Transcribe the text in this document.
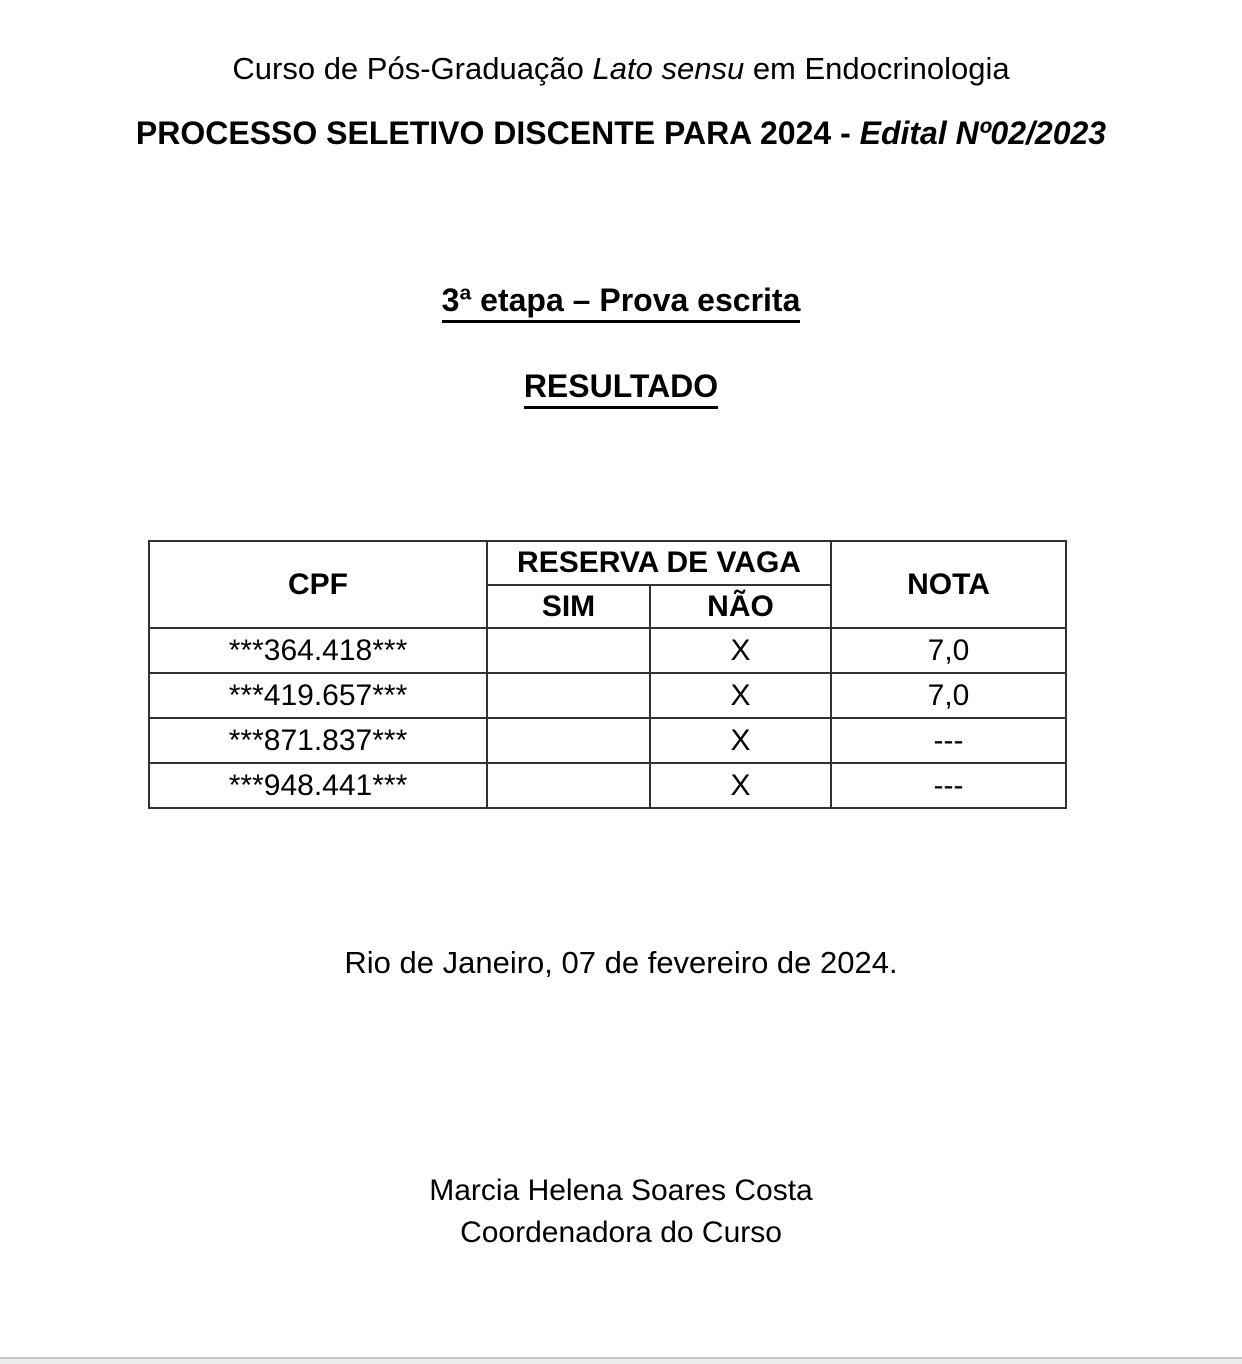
Curso de Pós-Graduação Lato sensu em Endocrinologia
PROCESSO SELETIVO DISCENTE PARA 2024 - Edital Nº02/2023
3ª etapa – Prova escrita
RESULTADO
CPF	RESERVA DE VAGA		NOTA
	SIM	NÃO	
***364.418***		X	7,0
***419.657***		X	7,0
***871.837***		X	---
***948.441***		X	---
Rio de Janeiro, 07 de fevereiro de 2024.
Marcia Helena Soares Costa
Coordenadora do Curso
